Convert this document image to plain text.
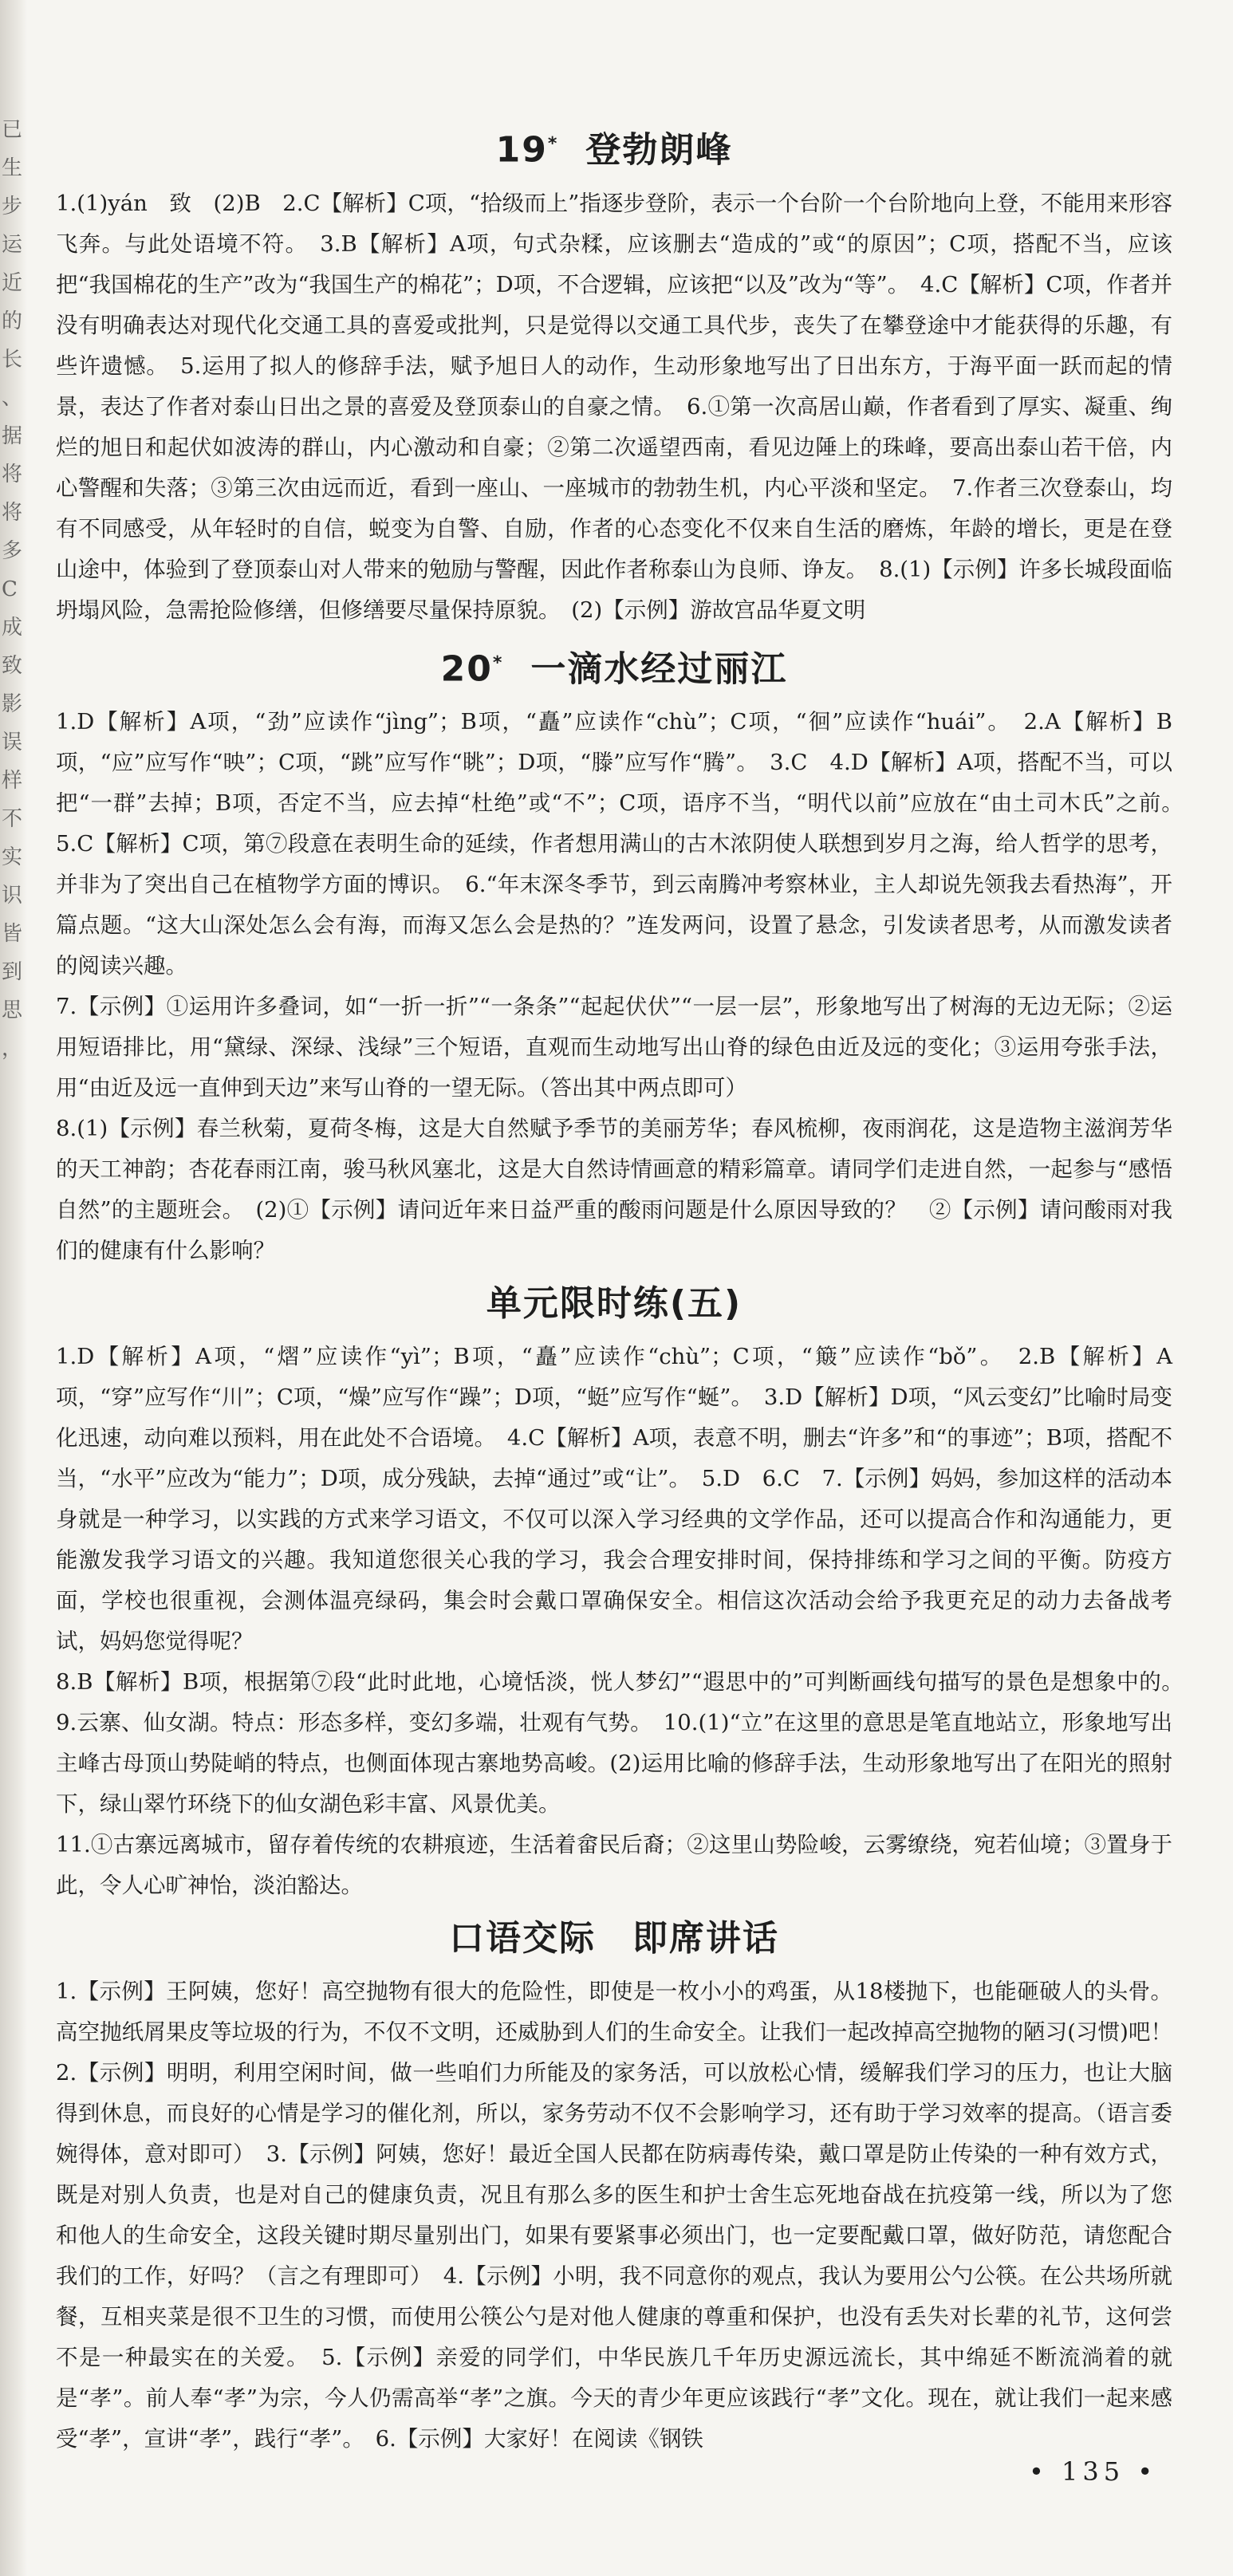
已
生
步
运
近
的
长
、
据
将
将
多
C
成
致
影
误
样
不
实
识
皆
到
思
，
19* 登勃朗峰

1.(1)yán　致　(2)B　2.C【解析】C项，“拾级而上”指逐步登阶，表示一个台阶一个台阶地向上登，不能用来形容飞奔。与此处语境不符。　3.B【解析】A项，句式杂糅，应该删去“造成的”或“的原因”；C项，搭配不当，应该把“我国棉花的生产”改为“我国生产的棉花”；D项，不合逻辑，应该把“以及”改为“等”。　4.C【解析】C项，作者并没有明确表达对现代化交通工具的喜爱或批判，只是觉得以交通工具代步，丧失了在攀登途中才能获得的乐趣，有些许遗憾。　5.运用了拟人的修辞手法，赋予旭日人的动作，生动形象地写出了日出东方，于海平面一跃而起的情景，表达了作者对泰山日出之景的喜爱及登顶泰山的自豪之情。　6.①第一次高居山巅，作者看到了厚实、凝重、绚烂的旭日和起伏如波涛的群山，内心激动和自豪；②第二次遥望西南，看见边陲上的珠峰，要高出泰山若干倍，内心警醒和失落；③第三次由远而近，看到一座山、一座城市的勃勃生机，内心平淡和坚定。　7.作者三次登泰山，均有不同感受，从年轻时的自信，蜕变为自警、自励，作者的心态变化不仅来自生活的磨炼，年龄的增长，更是在登山途中，体验到了登顶泰山对人带来的勉励与警醒，因此作者称泰山为良师、诤友。　8.(1)【示例】许多长城段面临坍塌风险，急需抢险修缮，但修缮要尽量保持原貌。　(2)【示例】游故宫品华夏文明

20* 一滴水经过丽江

1.D【解析】A项，“劲”应读作“jìng”；B项，“矗”应读作“chù”；C项，“徊”应读作“huái”。　2.A【解析】B项，“应”应写作“映”；C项，“跳”应写作“眺”；D项，“滕”应写作“腾”。　3.C　4.D【解析】A项，搭配不当，可以把“一群”去掉；B项，否定不当，应去掉“杜绝”或“不”；C项，语序不当，“明代以前”应放在“由土司木氏”之前。　5.C【解析】C项，第⑦段意在表明生命的延续，作者想用满山的古木浓阴使人联想到岁月之海，给人哲学的思考，并非为了突出自己在植物学方面的博识。　6.“年末深冬季节，到云南腾冲考察林业，主人却说先领我去看热海”，开篇点题。“这大山深处怎么会有海，而海又怎么会是热的？”连发两问，设置了悬念，引发读者思考，从而激发读者的阅读兴趣。

7.【示例】①运用许多叠词，如“一折一折”“一条条”“起起伏伏”“一层一层”，形象地写出了树海的无边无际；②运用短语排比，用“黛绿、深绿、浅绿”三个短语，直观而生动地写出山脊的绿色由近及远的变化；③运用夸张手法，用“由近及远一直伸到天边”来写山脊的一望无际。（答出其中两点即可）

8.(1)【示例】春兰秋菊，夏荷冬梅，这是大自然赋予季节的美丽芳华；春风梳柳，夜雨润花，这是造物主滋润芳华的天工神韵；杏花春雨江南，骏马秋风塞北，这是大自然诗情画意的精彩篇章。请同学们走进自然，一起参与“感悟自然”的主题班会。　(2)①【示例】请问近年来日益严重的酸雨问题是什么原因导致的？　②【示例】请问酸雨对我们的健康有什么影响？

单元限时练(五)

1.D【解析】A项，“熠”应读作“yì”；B项，“矗”应读作“chù”；C项，“簸”应读作“bǒ”。　2.B【解析】A项，“穿”应写作“川”；C项，“燥”应写作“躁”；D项，“蜓”应写作“蜒”。　3.D【解析】D项，“风云变幻”比喻时局变化迅速，动向难以预料，用在此处不合语境。　4.C【解析】A项，表意不明，删去“许多”和“的事迹”；B项，搭配不当，“水平”应改为“能力”；D项，成分残缺，去掉“通过”或“让”。　5.D　6.C　7.【示例】妈妈，参加这样的活动本身就是一种学习，以实践的方式来学习语文，不仅可以深入学习经典的文学作品，还可以提高合作和沟通能力，更能激发我学习语文的兴趣。我知道您很关心我的学习，我会合理安排时间，保持排练和学习之间的平衡。防疫方面，学校也很重视，会测体温亮绿码，集会时会戴口罩确保安全。相信这次活动会给予我更充足的动力去备战考试，妈妈您觉得呢？

8.B【解析】B项，根据第⑦段“此时此地，心境恬淡，恍人梦幻”“遐思中的”可判断画线句描写的景色是想象中的。　9.云寨、仙女湖。特点：形态多样，变幻多端，壮观有气势。　10.(1)“立”在这里的意思是笔直地站立，形象地写出主峰古母顶山势陡峭的特点，也侧面体现古寨地势高峻。(2)运用比喻的修辞手法，生动形象地写出了在阳光的照射下，绿山翠竹环绕下的仙女湖色彩丰富、风景优美。

11.①古寨远离城市，留存着传统的农耕痕迹，生活着畲民后裔；②这里山势险峻，云雾缭绕，宛若仙境；③置身于此，令人心旷神怡，淡泊豁达。

口语交际　即席讲话

1.【示例】王阿姨，您好！高空抛物有很大的危险性，即使是一枚小小的鸡蛋，从18楼抛下，也能砸破人的头骨。高空抛纸屑果皮等垃圾的行为，不仅不文明，还威胁到人们的生命安全。让我们一起改掉高空抛物的陋习(习惯)吧！　2.【示例】明明，利用空闲时间，做一些咱们力所能及的家务活，可以放松心情，缓解我们学习的压力，也让大脑得到休息，而良好的心情是学习的催化剂，所以，家务劳动不仅不会影响学习，还有助于学习效率的提高。（语言委婉得体，意对即可）　3.【示例】阿姨，您好！最近全国人民都在防病毒传染，戴口罩是防止传染的一种有效方式，既是对别人负责，也是对自己的健康负责，况且有那么多的医生和护士舍生忘死地奋战在抗疫第一线，所以为了您和他人的生命安全，这段关键时期尽量别出门，如果有要紧事必须出门，也一定要配戴口罩，做好防范，请您配合我们的工作，好吗？（言之有理即可）　4.【示例】小明，我不同意你的观点，我认为要用公勺公筷。在公共场所就餐，互相夹菜是很不卫生的习惯，而使用公筷公勺是对他人健康的尊重和保护，也没有丢失对长辈的礼节，这何尝不是一种最实在的关爱。　5.【示例】亲爱的同学们，中华民族几千年历史源远流长，其中绵延不断流淌着的就是“孝”。前人奉“孝”为宗，今人仍需高举“孝”之旗。今天的青少年更应该践行“孝”文化。现在，就让我们一起来感受“孝”，宣讲“孝”，践行“孝”。　6.【示例】大家好！在阅读《钢铁

• 135 •
